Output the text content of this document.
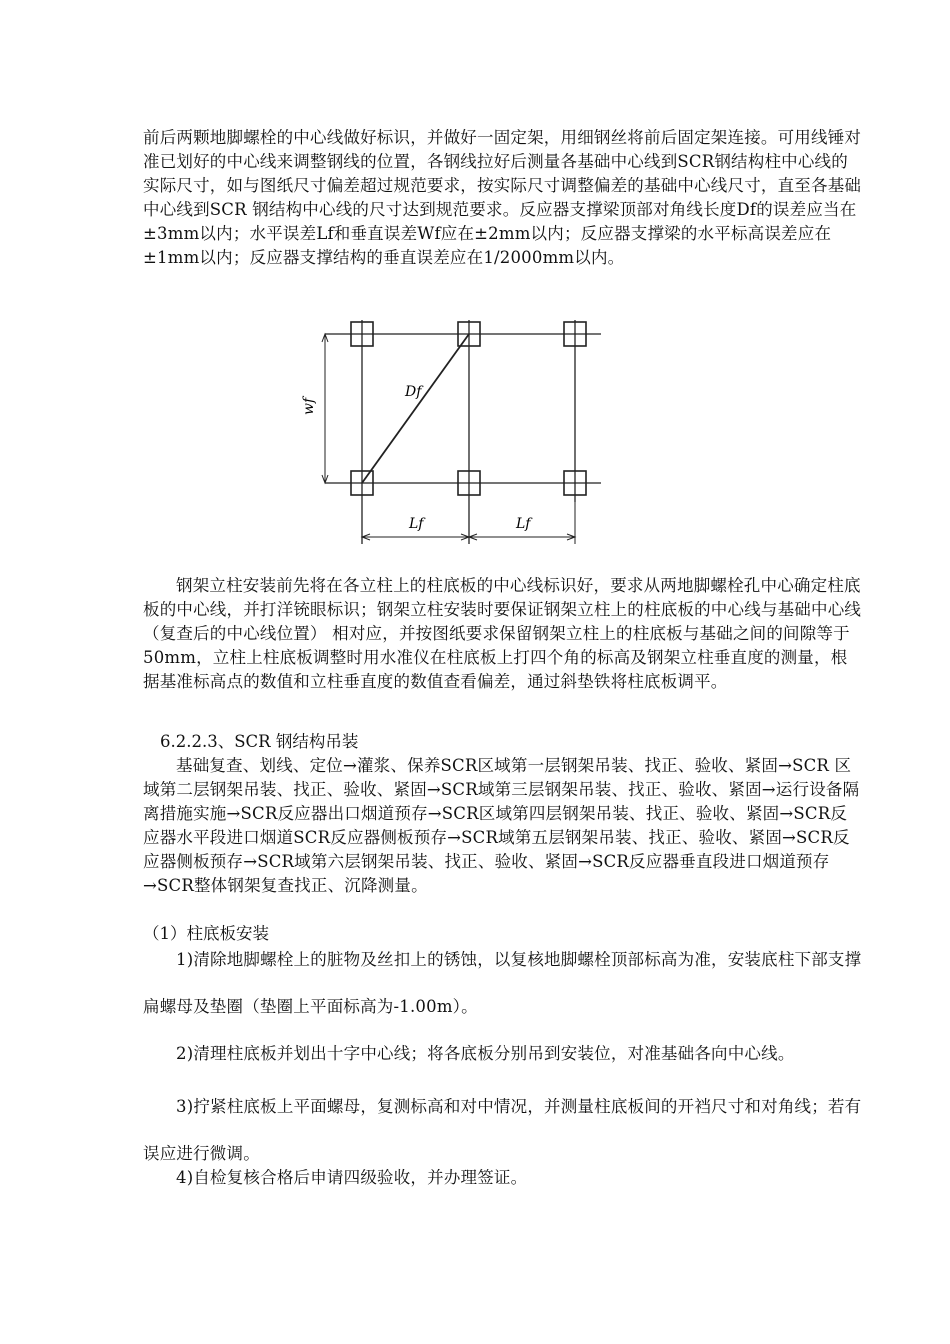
前后两颗地脚螺栓的中心线做好标识，并做好一固定架，用细钢丝将前后固定架连接。可用线锤对准已划好的中心线来调整钢线的位置，各钢线拉好后测量各基础中心线到SCR钢结构柱中心线的实际尺寸，如与图纸尺寸偏差超过规范要求，按实际尺寸调整偏差的基础中心线尺寸，直至各基础中心线到SCR 钢结构中心线的尺寸达到规范要求。反应器支撑梁顶部对角线长度Df的误差应当在±3mm以内；水平误差Lf和垂直误差Wf应在±2mm以内；反应器支撑梁的水平标高误差应在±1mm以内；反应器支撑结构的垂直误差应在1/2000mm以内。

wf
Df
Lf	Lf

钢架立柱安装前先将在各立柱上的柱底板的中心线标识好，要求从两地脚螺栓孔中心确定柱底板的中心线，并打洋铳眼标识；钢架立柱安装时要保证钢架立柱上的柱底板的中心线与基础中心线（复查后的中心线位置） 相对应，并按图纸要求保留钢架立柱上的柱底板与基础之间的间隙等于50mm，立柱上柱底板调整时用水准仪在柱底板上打四个角的标高及钢架立柱垂直度的测量，根据基准标高点的数值和立柱垂直度的数值查看偏差，通过斜垫铁将柱底板调平。

6.2.2.3、SCR 钢结构吊装

基础复查、划线、定位→灌浆、保养SCR区域第一层钢架吊装、找正、验收、紧固→SCR 区域第二层钢架吊装、找正、验收、紧固→SCR域第三层钢架吊装、找正、验收、紧固→运行设备隔离措施实施→SCR反应器出口烟道预存→SCR区域第四层钢架吊装、找正、验收、紧固→SCR反应器水平段进口烟道SCR反应器侧板预存→SCR域第五层钢架吊装、找正、验收、紧固→SCR反应器侧板预存→SCR域第六层钢架吊装、找正、验收、紧固→SCR反应器垂直段进口烟道预存→SCR整体钢架复查找正、沉降测量。

（1）柱底板安装

1)清除地脚螺栓上的脏物及丝扣上的锈蚀，以复核地脚螺栓顶部标高为准，安装底柱下部支撑扁螺母及垫圈（垫圈上平面标高为-1.00m）。

2)清理柱底板并划出十字中心线；将各底板分别吊到安装位，对准基础各向中心线。

3)拧紧柱底板上平面螺母，复测标高和对中情况，并测量柱底板间的开裆尺寸和对角线；若有误应进行微调。

4)自检复核合格后申请四级验收，并办理签证。
